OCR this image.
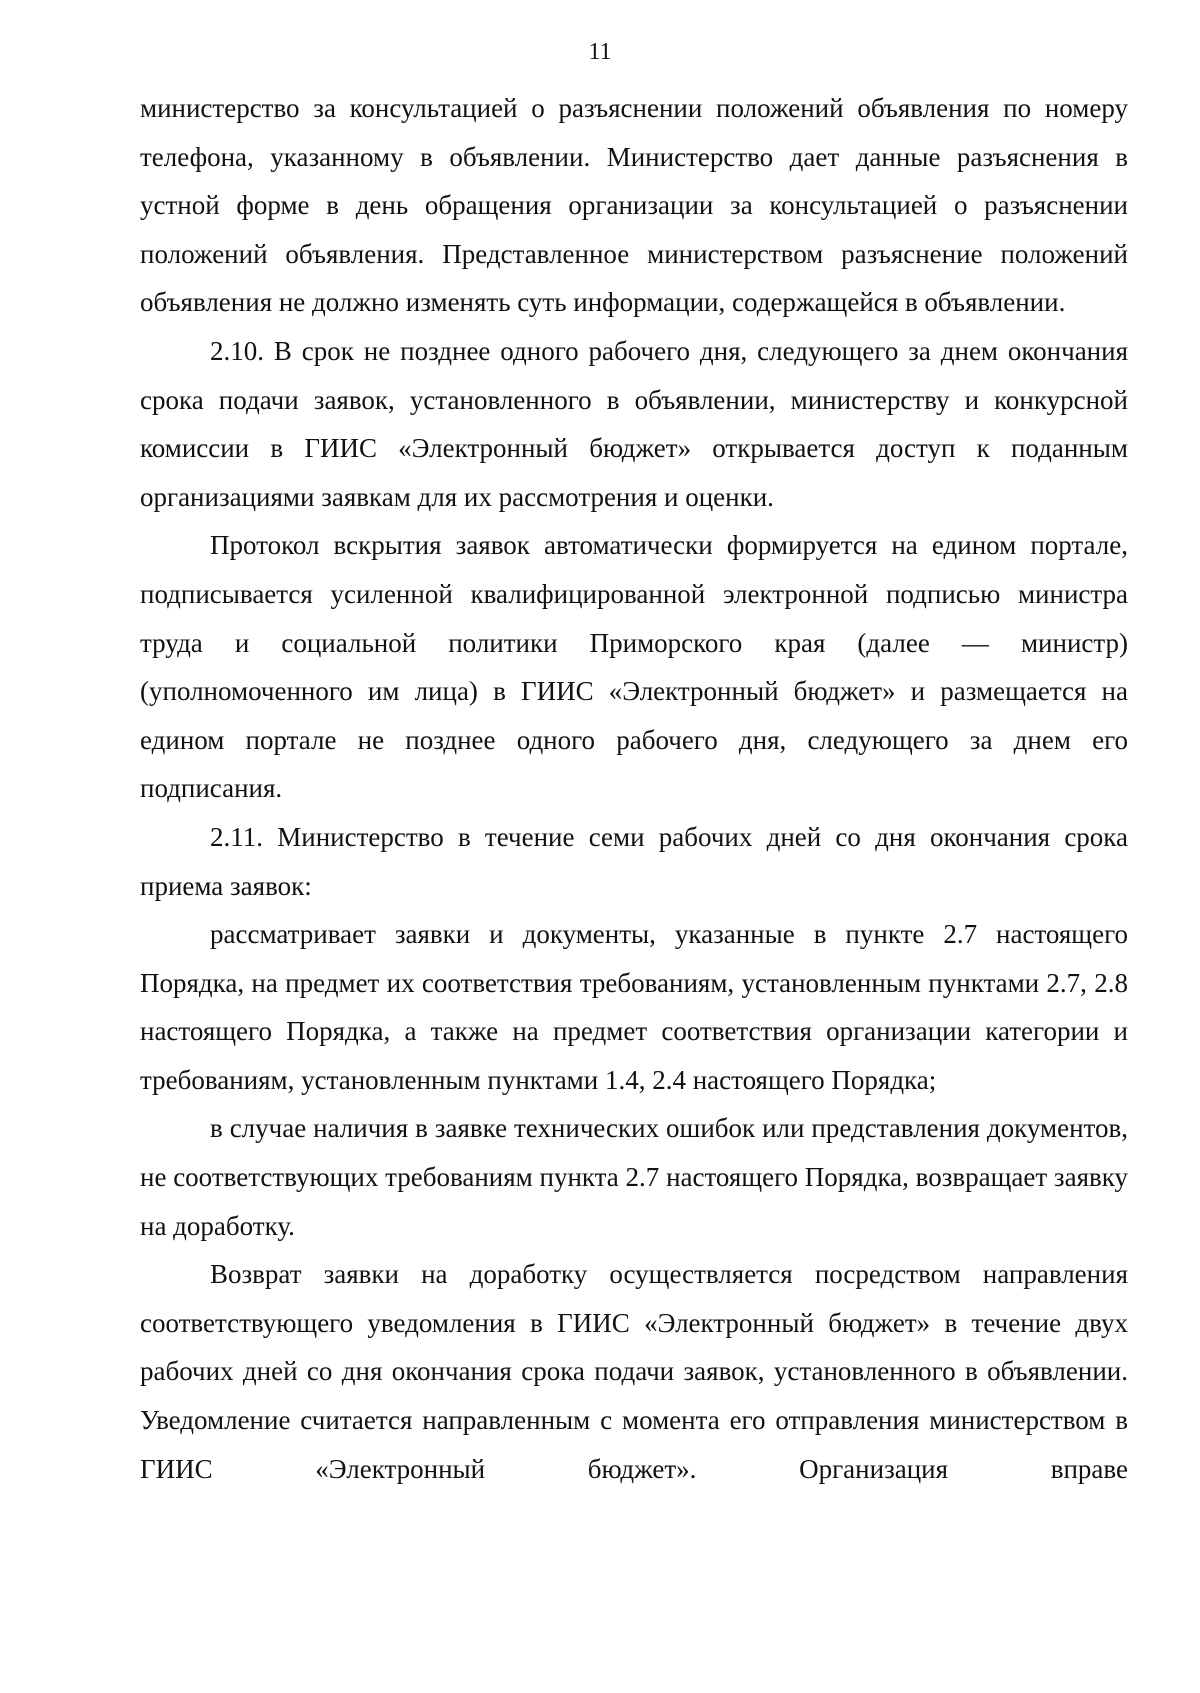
11

министерство за консультацией о разъяснении положений объявления по номеру телефона, указанному в объявлении. Министерство дает данные разъяснения в устной форме в день обращения организации за консультацией о разъяснении положений объявления. Представленное министерством разъяснение положений объявления не должно изменять суть информации, содержащейся в объявлении.

2.10. В срок не позднее одного рабочего дня, следующего за днем окончания срока подачи заявок, установленного в объявлении, министерству и конкурсной комиссии в ГИИС «Электронный бюджет» открывается доступ к поданным организациями заявкам для их рассмотрения и оценки.

Протокол вскрытия заявок автоматически формируется на едином портале, подписывается усиленной квалифицированной электронной подписью министра труда и социальной политики Приморского края (далее — министр) (уполномоченного им лица) в ГИИС «Электронный бюджет» и размещается на едином портале не позднее одного рабочего дня, следующего за днем его подписания.

2.11. Министерство в течение семи рабочих дней со дня окончания срока приема заявок:

рассматривает заявки и документы, указанные в пункте 2.7 настоящего Порядка, на предмет их соответствия требованиям, установленным пунктами 2.7, 2.8 настоящего Порядка, а также на предмет соответствия организации категории и требованиям, установленным пунктами 1.4, 2.4 настоящего Порядка;

в случае наличия в заявке технических ошибок или представления документов, не соответствующих требованиям пункта 2.7 настоящего Порядка, возвращает заявку на доработку.

Возврат заявки на доработку осуществляется посредством направления соответствующего уведомления в ГИИС «Электронный бюджет» в течение двух рабочих дней со дня окончания срока подачи заявок, установленного в объявлении. Уведомление считается направленным с момента его отправления министерством в ГИИС «Электронный бюджет». Организация вправе
